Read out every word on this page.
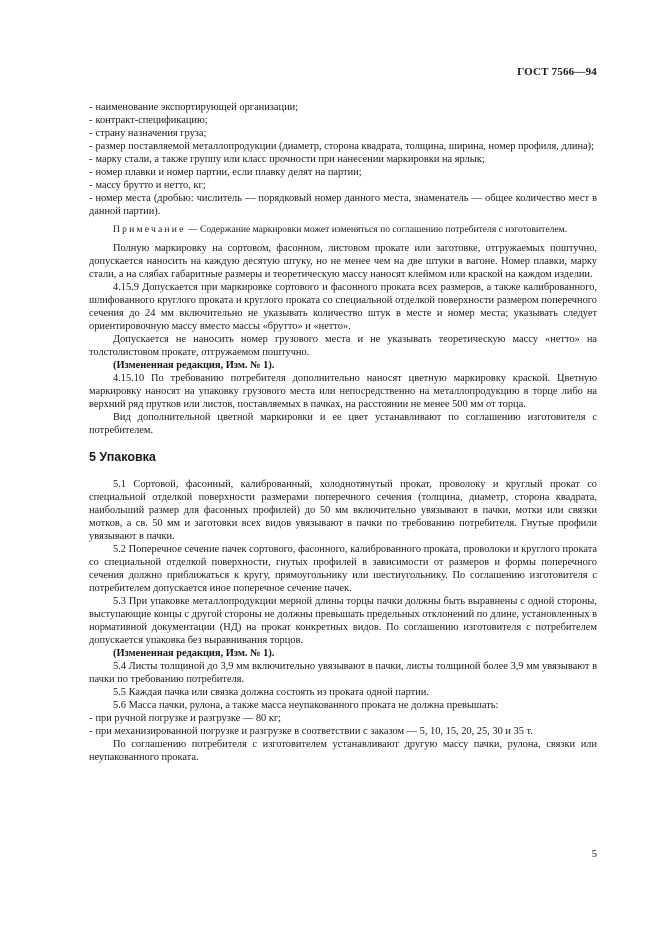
ГОСТ 7566—94

- наименование экспортирующей организации;

- контракт-спецификацию;

- страну назначения груза;

- размер поставляемой металлопродукции (диаметр, сторона квадрата, толщина, ширина, номер профиля, длина);

- марку стали, а также группу или класс прочности при нанесении маркировки на ярлык;

- номер плавки и номер партии, если плавку делят на партии;

- массу брутто и нетто, кг;

- номер места (дробью: числитель — порядковый номер данного места, знаменатель — общее количество мест в данной партии).

Примечание — Содержание маркировки может изменяться по соглашению потребителя с изготовителем.

Полную маркировку на сортовом, фасонном, листовом прокате или заготовке, отгружаемых поштучно, допускается наносить на каждую десятую штуку, но не менее чем на две штуки в вагоне. Номер плавки, марку стали, а на слябах габаритные размеры и теоретическую массу наносят клеймом или краской на каждом изделии.

4.15.9 Допускается при маркировке сортового и фасонного проката всех размеров, а также калиброванного, шлифованного круглого проката и круглого проката со специальной отделкой поверхности размером поперечного сечения до 24 мм включительно не указывать количество штук в месте и номер места; указывать следует ориентировочную массу вместо массы «брутто» и «нетто».

Допускается не наносить номер грузового места и не указывать теоретическую массу «нетто» на толстолистовом прокате, отгружаемом поштучно.

(Измененная редакция, Изм. № 1).

4.15.10 По требованию потребителя дополнительно наносят цветную маркировку краской. Цветную маркировку наносят на упаковку грузового места или непосредственно на металлопродукцию в торце либо на верхний ряд прутков или листов, поставляемых в пачках, на расстоянии не менее 500 мм от торца.

Вид дополнительной цветной маркировки и ее цвет устанавливают по соглашению изготовителя с потребителем.

5 Упаковка

5.1 Сортовой, фасонный, калиброванный, холоднотянутый прокат, проволоку и круглый прокат со специальной отделкой поверхности размерами поперечного сечения (толщина, диаметр, сторона квадрата, наибольший размер для фасонных профилей) до 50 мм включительно увязывают в пачки, мотки или связки мотков, а св. 50 мм и заготовки всех видов увязывают в пачки по требованию потребителя. Гнутые профили увязывают в пачки.

5.2 Поперечное сечение пачек сортового, фасонного, калиброванного проката, проволоки и круглого проката со специальной отделкой поверхности, гнутых профилей в зависимости от размеров и формы поперечного сечения должно приближаться к кругу, прямоугольнику или шестиугольнику. По соглашению изготовителя с потребителем допускается иное поперечное сечение пачек.

5.3 При упаковке металлопродукции мерной длины торцы пачки должны быть выравнены с одной стороны, выступающие концы с другой стороны не должны превышать предельных отклонений по длине, установленных в нормативной документации (НД) на прокат конкретных видов. По соглашению изготовителя с потребителем допускается упаковка без выравнивания торцов.

(Измененная редакция, Изм. № 1).

5.4 Листы толщиной до 3,9 мм включительно увязывают в пачки, листы толщиной более 3,9 мм увязывают в пачки по требованию потребителя.

5.5 Каждая пачка или связка должна состоять из проката одной партии.

5.6 Масса пачки, рулона, а также масса неупакованного проката не должна превышать:

- при ручной погрузке и разгрузке — 80 кг;

- при механизированной погрузке и разгрузке в соответствии с заказом — 5, 10, 15, 20, 25, 30 и 35 т.

По соглашению потребителя с изготовителем устанавливают другую массу пачки, рулона, связки или неупакованного проката.

5
